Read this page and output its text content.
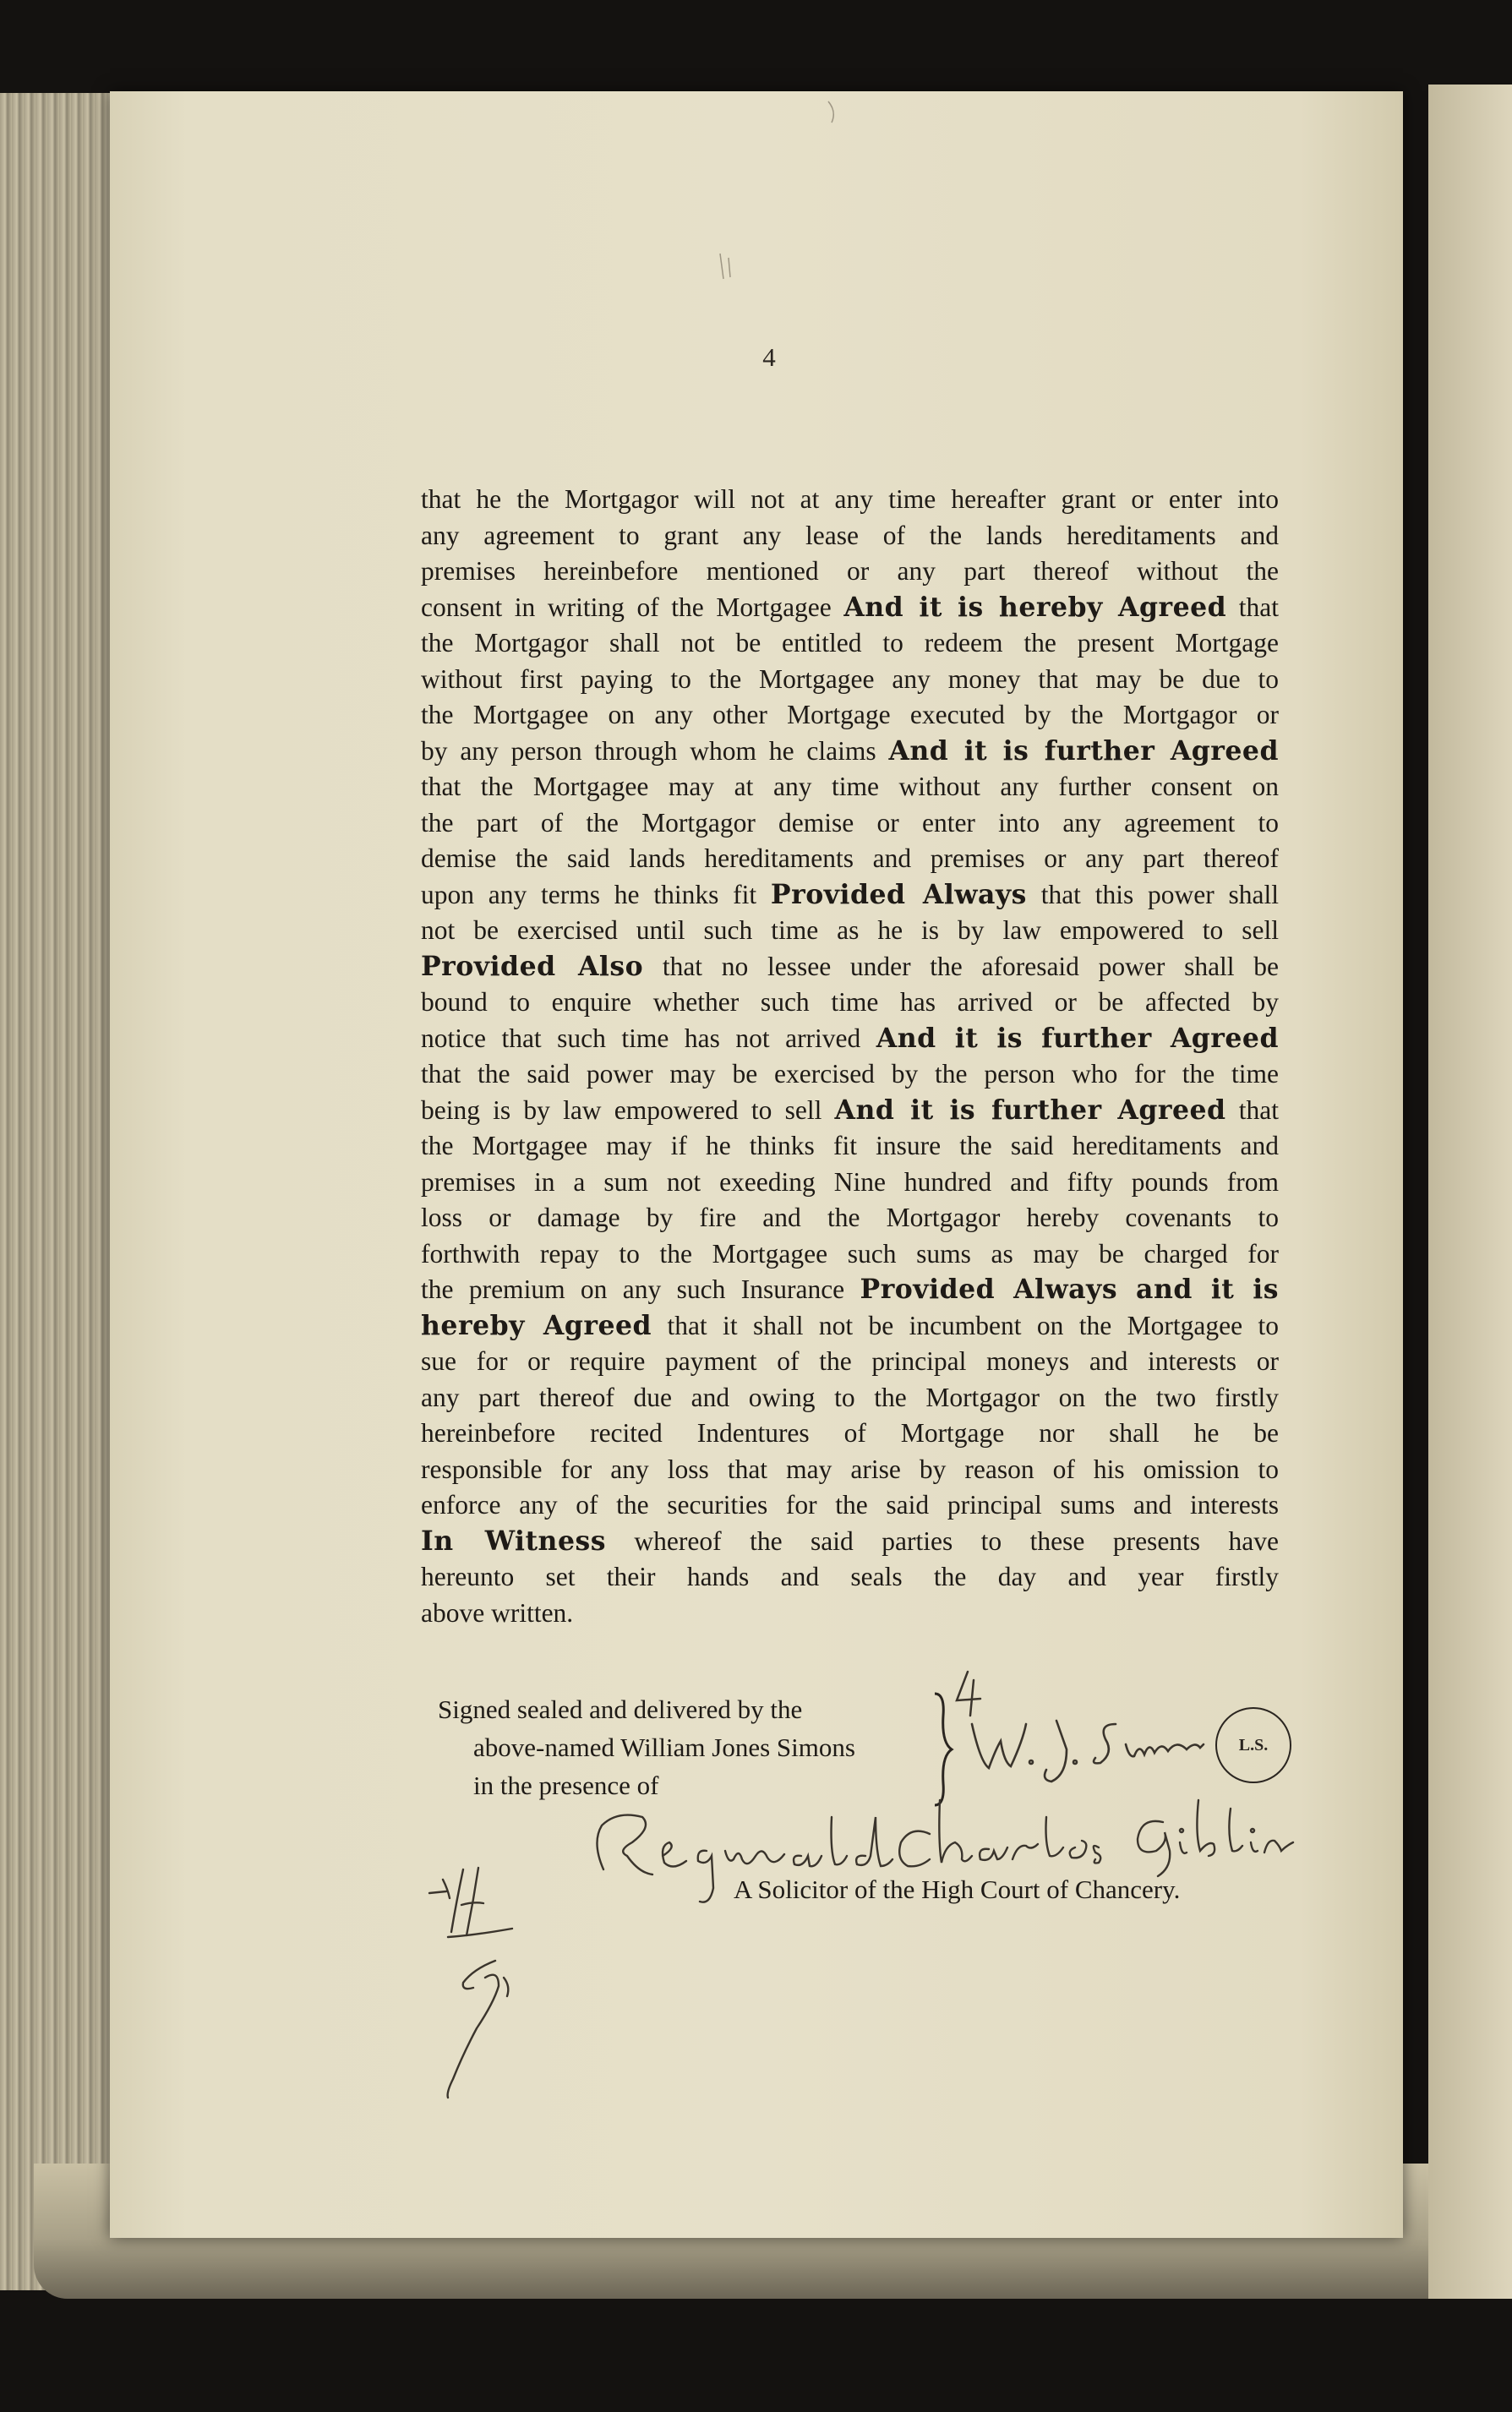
4
that he the Mortgagor will not at any time hereafter grant or enter into
any agreement to grant any lease of the lands hereditaments and
premises hereinbefore mentioned or any part thereof without the
consent in writing of the Mortgagee And it is hereby Agreed that
the Mortgagor shall not be entitled to redeem the present Mortgage
without first paying to the Mortgagee any money that may be due to
the Mortgagee on any other Mortgage executed by the Mortgagor or
by any person through whom he claims And it is further Agreed
that the Mortgagee may at any time without any further consent on
the part of the Mortgagor demise or enter into any agreement to
demise the said lands hereditaments and premises or any part thereof
upon any terms he thinks fit Provided Always that this power shall
not be exercised until such time as he is by law empowered to sell
Provided Also that no lessee under the aforesaid power shall be
bound to enquire whether such time has arrived or be affected by
notice that such time has not arrived And it is further Agreed
that the said power may be exercised by the person who for the time
being is by law empowered to sell And it is further Agreed that
the Mortgagee may if he thinks fit insure the said hereditaments and
premises in a sum not exeeding Nine hundred and fifty pounds from
loss or damage by fire and the Mortgagor hereby covenants to
forthwith repay to the Mortgagee such sums as may be charged for
the premium on any such Insurance Provided Always and it is
hereby Agreed that it shall not be incumbent on the Mortgagee to
sue for or require payment of the principal moneys and interests or
any part thereof due and owing to the Mortgagor on the two firstly
hereinbefore recited Indentures of Mortgage nor shall he be
responsible for any loss that may arise by reason of his omission to
enforce any of the securities for the said principal sums and interests
In Witness whereof the said parties to these presents have
hereunto set their hands and seals the day and year firstly
above written.
Signed sealed and delivered by the
above-named William Jones Simons
in the presence of
L.S.
A Solicitor of the High Court of Chancery.
